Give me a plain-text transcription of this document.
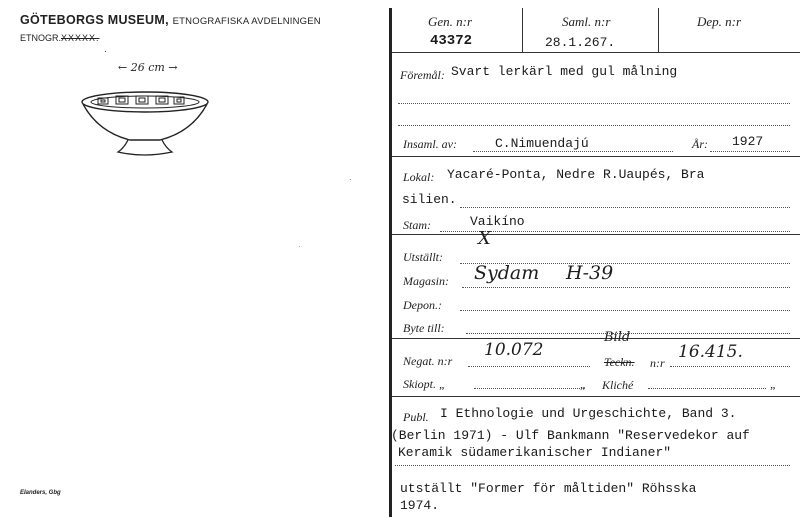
GÖTEBORGS MUSEUM, ETNOGRAFISKA AVDELNINGEN
ETNOGR. XXXXX.
·
← 26 cm →
Elanders, Gbg
·
·
Gen. n:r
43372
Saml. n:r
28.1.267.
Dep. n:r
Föremål: Svart lerkärl med gul målning
Insaml. av:	C.Nimuendajú	År: 1927
Lokal: Yacaré-Ponta, Nedre R.Uaupés, Bra
silien.
Stam:	Vaikíno
Utställt:
X
Magasin: Sydam H-39
Depon.:
Byte till:
Negat. n:r
10.072
Bild
Teckn. n:r
16.415.
Skiopt. „	„ Kliché	„
Publ. I Ethnologie und Urgeschichte, Band 3.
(Berlin 1971) - Ulf Bankmann "Reservedekor auf
Keramik südamerikanischer Indianer"
utställt "Former för måltiden" Röhsska
1974.
